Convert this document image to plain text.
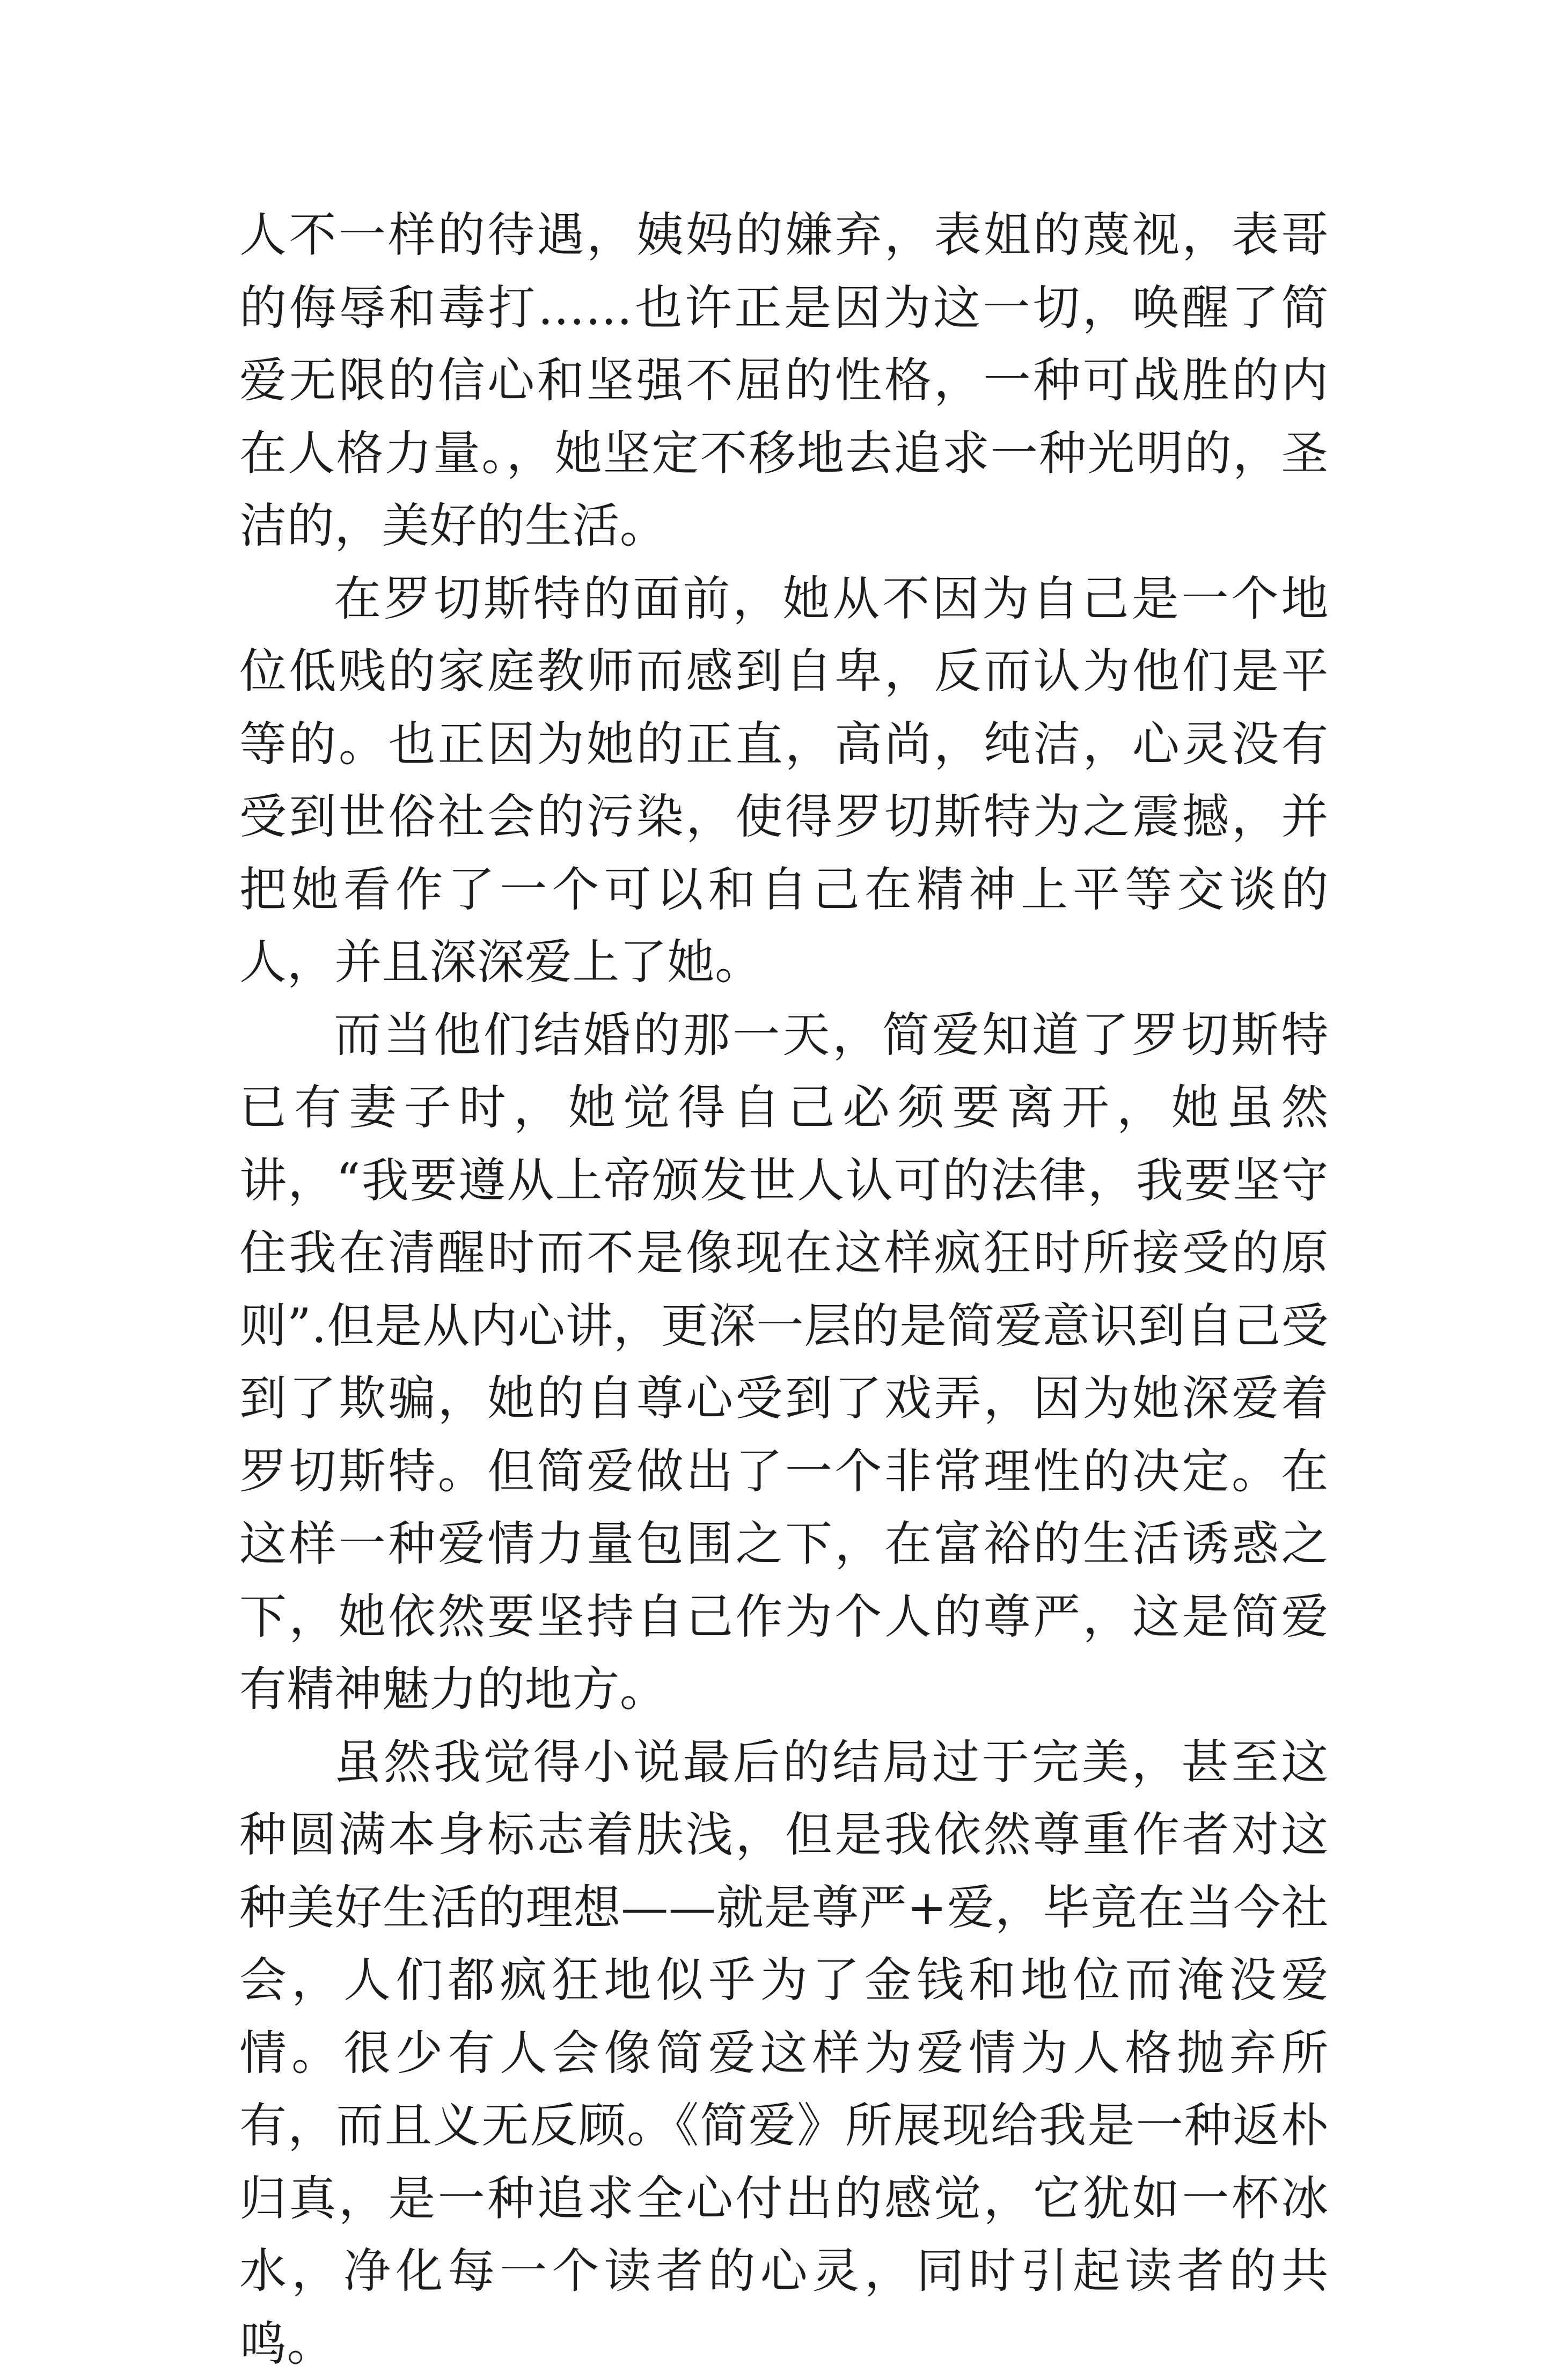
人不一样的待遇，姨妈的嫌弃，表姐的蔑视，表哥的侮辱和毒打……也许正是因为这一切，唤醒了简爱无限的信心和坚强不屈的性格，一种可战胜的内在人格力量。，她坚定不移地去追求一种光明的，圣洁的，美好的生活。

在罗切斯特的面前，她从不因为自己是一个地位低贱的家庭教师而感到自卑，反而认为他们是平等的。也正因为她的正直，高尚，纯洁，心灵没有受到世俗社会的污染，使得罗切斯特为之震撼，并把她看作了一个可以和自己在精神上平等交谈的人，并且深深爱上了她。

而当他们结婚的那一天，简爱知道了罗切斯特已有妻子时，她觉得自己必须要离开，她虽然讲，“我要遵从上帝颁发世人认可的法律，我要坚守住我在清醒时而不是像现在这样疯狂时所接受的原则”.但是从内心讲，更深一层的是简爱意识到自己受到了欺骗，她的自尊心受到了戏弄，因为她深爱着罗切斯特。但简爱做出了一个非常理性的决定。在这样一种爱情力量包围之下，在富裕的生活诱惑之下，她依然要坚持自己作为个人的尊严，这是简爱有精神魅力的地方。

虽然我觉得小说最后的结局过于完美，甚至这种圆满本身标志着肤浅，但是我依然尊重作者对这种美好生活的理想——就是尊严+爱，毕竟在当今社会，人们都疯狂地似乎为了金钱和地位而淹没爱情。很少有人会像简爱这样为爱情为人格抛弃所有，而且义无反顾。《简爱》所展现给我是一种返朴归真，是一种追求全心付出的感觉，它犹如一杯冰水，净化每一个读者的心灵，同时引起读者的共鸣。
